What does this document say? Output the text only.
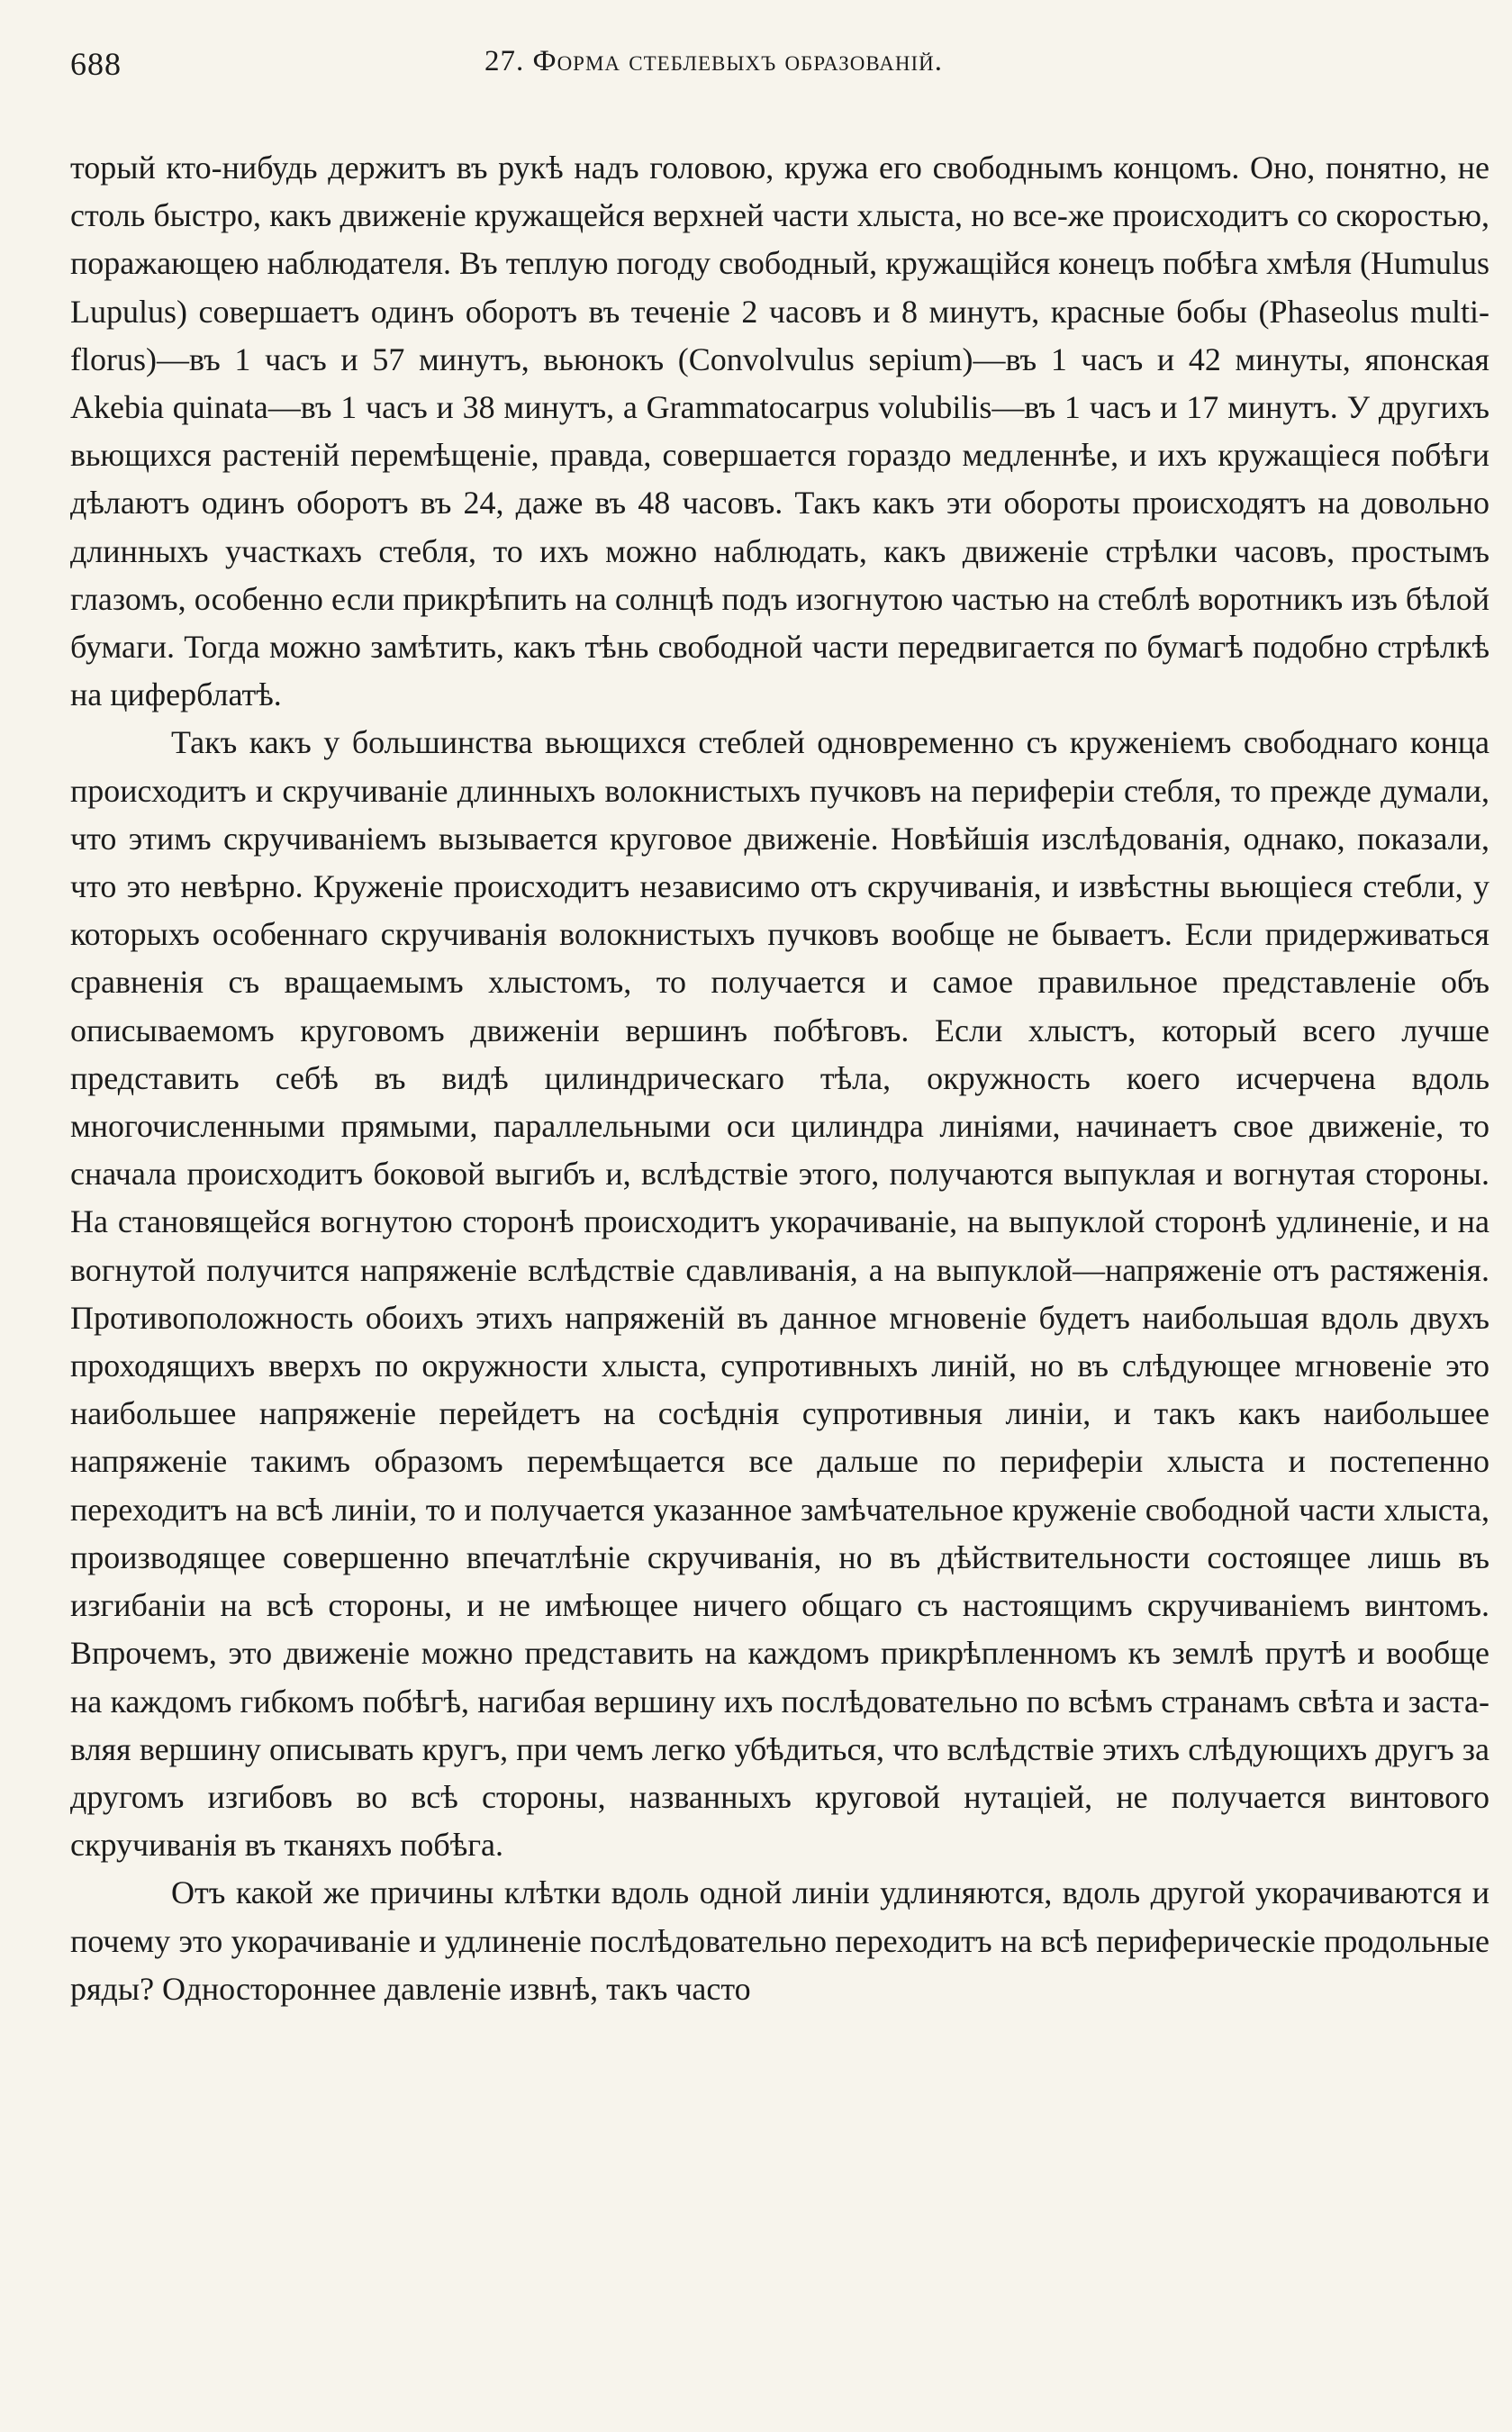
688	27. Форма стеблевыхъ образованій.

торый кто-нибудь держитъ въ рукѣ надъ головою, кружа его свободнымъ концомъ. Оно, понятно, не столь быстро, какъ движеніе кружащейся верхней части хлыста, но все-же происходитъ со скоростью, поражающею наблюдателя. Въ теплую погоду свободный, кружащійся конецъ побѣга хмѣля (Humulus Lupulus) совершаетъ одинъ оборотъ въ теченіе 2 часовъ и 8 минутъ, красные бобы (Phaseolus multiflorus)—въ 1 часъ и 57 минутъ, вьюнокъ (Convolvulus sepium)—въ 1 часъ и 42 минуты, японская Akebia quinata—въ 1 часъ и 38 минутъ, а Grammatocarpus volubilis—въ 1 часъ и 17 минутъ. У другихъ вьющихся растеній перемѣщеніе, правда, совершается гораздо медленнѣе, и ихъ кружащіеся побѣги дѣлаютъ одинъ оборотъ въ 24, даже въ 48 часовъ. Такъ какъ эти обороты происходятъ на довольно длинныхъ участкахъ стебля, то ихъ можно наблюдать, какъ движеніе стрѣлки часовъ, простымъ глазомъ, особенно если прикрѣпить на солнцѣ подъ изогнутою частью на стеблѣ воротникъ изъ бѣлой бумаги. Тогда можно замѣтить, какъ тѣнь свободной части передвигается по бумагѣ подобно стрѣлкѣ на циферблатѣ.

Такъ какъ у большинства вьющихся стеблей одновременно съ круженіемъ свободнаго конца происходитъ и скручиваніе длинныхъ волокнистыхъ пучковъ на периферіи стебля, то прежде думали, что этимъ скручиваніемъ вызывается круговое движеніе. Новѣйшія изслѣдованія, однако, показали, что это невѣрно. Круженіе происходитъ независимо отъ скручиванія, и извѣстны вьющіеся стебли, у которыхъ особеннаго скручиванія волокнистыхъ пучковъ вообще не бываетъ. Если придерживаться сравненія съ вращаемымъ хлыстомъ, то получается и самое правильное представленіе объ описываемомъ круговомъ движеніи вершинъ побѣговъ. Если хлыстъ, который всего лучше представить себѣ въ видѣ цилиндрическаго тѣла, окружность коего исчерчена вдоль многочисленными прямыми, параллельными оси цилиндра линіями, начинаетъ свое движеніе, то сначала происходитъ боковой выгибъ и, вслѣдствіе этого, получаются выпуклая и вогнутая стороны. На становящейся вогнутою сторонѣ происходитъ укорачиваніе, на выпуклой сторонѣ удлиненіе, и на вогнутой получится напряженіе вслѣдствіе сдавливанія, а на выпуклой—напряженіе отъ растяженія. Противоположность обоихъ этихъ напряженій въ данное мгновеніе будетъ наибольшая вдоль двухъ проходящихъ вверхъ по окружности хлыста, супротивныхъ линій, но въ слѣдующее мгновеніе это наибольшее напряженіе перейдетъ на сосѣднія супротивныя линіи, и такъ какъ наибольшее напряженіе такимъ образомъ перемѣщается все дальше по периферіи хлыста и постепенно переходитъ на всѣ линіи, то и получается указанное замѣчательное круженіе свободной части хлыста, производящее совершенно впечатлѣніе скручиванія, но въ дѣйствительности состоящее лишь въ изгибаніи на всѣ стороны, и не имѣющее ничего общаго съ настоящимъ скручиваніемъ винтомъ. Впрочемъ, это движеніе можно представить на каждомъ прикрѣпленномъ къ землѣ прутѣ и вообще на каждомъ гибкомъ побѣгѣ, нагибая вершину ихъ послѣдовательно по всѣмъ странамъ свѣта и заставляя вершину описывать кругъ, при чемъ легко убѣдиться, что вслѣдствіе этихъ слѣдующихъ другъ за другомъ изгибовъ во всѣ стороны, названныхъ круговой нутаціей, не получается винтового скручиванія въ тканяхъ побѣга.

Отъ какой же причины клѣтки вдоль одной линіи удлиняются, вдоль другой укорачиваются и почему это укорачиваніе и удлиненіе послѣдовательно переходитъ на всѣ периферическіе продольные ряды? Одностороннее давленіе извнѣ, такъ часто
